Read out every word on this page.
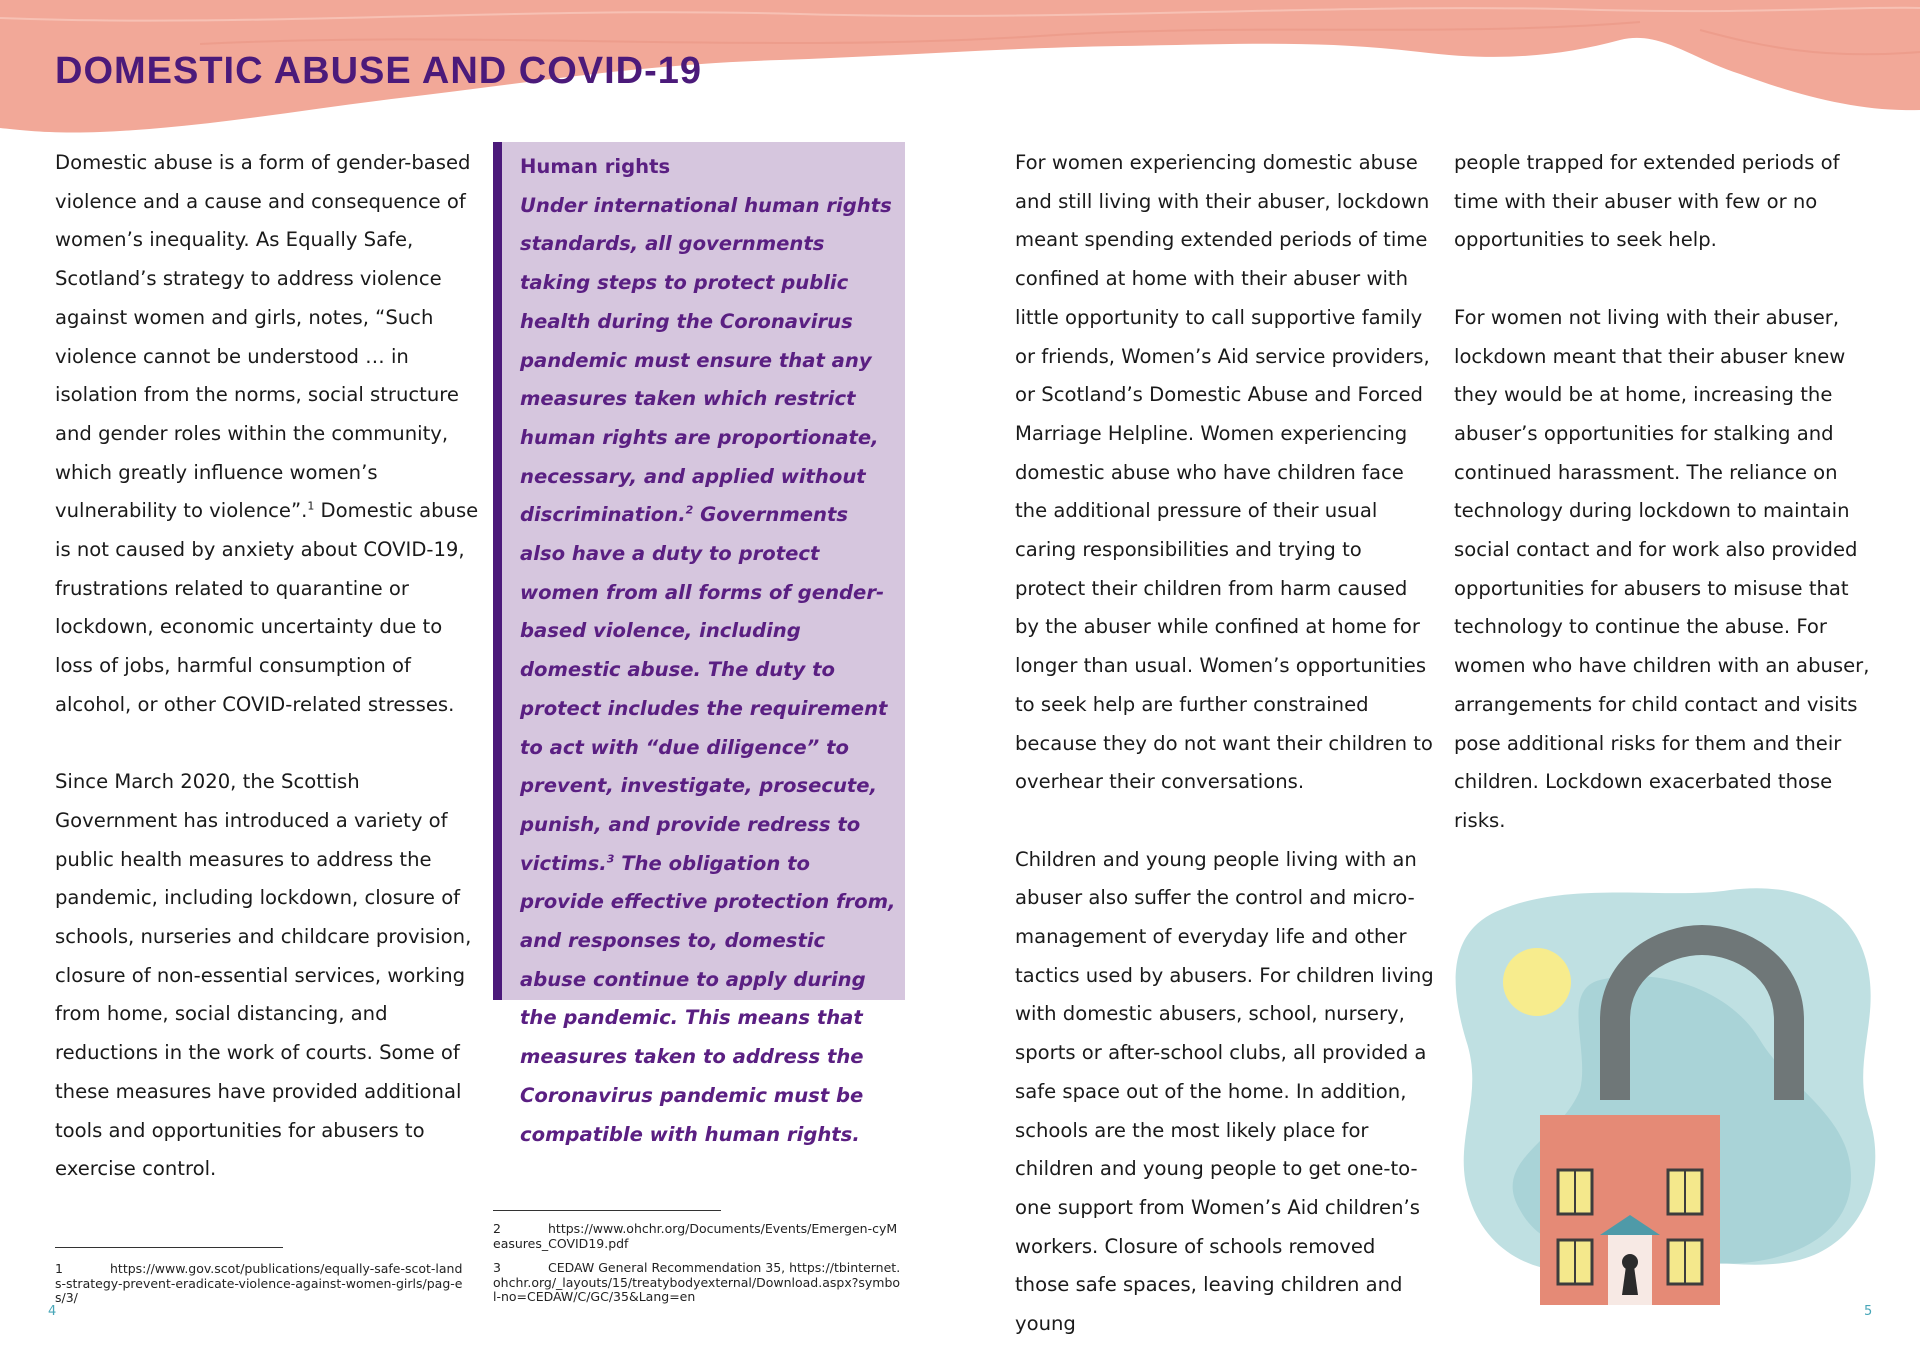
DOMESTIC ABUSE AND COVID-19

Domestic abuse is a form of gender-based violence and a cause and consequence of women’s inequality. As Equally Safe, Scotland’s strategy to address violence against women and girls, notes, “Such violence cannot be understood … in isolation from the norms, social structure and gender roles within the community, which greatly influence women’s vulnerability to violence”.$^1$ Domestic abuse is not caused by anxiety about COVID-19, frustrations related to quarantine or lockdown, economic uncertainty due to loss of jobs, harmful consumption of alcohol, or other COVID-related stresses.

Since March 2020, the Scottish Government has introduced a variety of public health measures to address the pandemic, including lockdown, closure of schools, nurseries and childcare provision, closure of non-essential services, working from home, social distancing, and reductions in the work of courts. Some of these measures have provided additional tools and opportunities for abusers to exercise control.

Human rights

Under international human rights standards, all governments taking steps to protect public health during the Coronavirus pandemic must ensure that any measures taken which restrict human rights are proportionate, necessary, and applied without discrimination.$^2$ Governments also have a duty to protect women from all forms of gender-based violence, including domestic abuse. The duty to protect includes the requirement to act with “due diligence” to prevent, investigate, prosecute, punish, and provide redress to victims.$^3$ The obligation to provide effective protection from, and responses to, domestic abuse continue to apply during the pandemic. This means that measures taken to address the Coronavirus pandemic must be compatible with human rights.

For women experiencing domestic abuse and still living with their abuser, lockdown meant spending extended periods of time confined at home with their abuser with little opportunity to call supportive family or friends, Women’s Aid service providers, or Scotland’s Domestic Abuse and Forced Marriage Helpline. Women experiencing domestic abuse who have children face the additional pressure of their usual caring responsibilities and trying to protect their children from harm caused by the abuser while confined at home for longer than usual. Women’s opportunities to seek help are further constrained because they do not want their children to overhear their conversations.

Children and young people living with an abuser also suffer the control and micro-management of everyday life and other tactics used by abusers. For children living with domestic abusers, school, nursery, sports or after-school clubs, all provided a safe space out of the home. In addition, schools are the most likely place for children and young people to get one-to-one support from Women’s Aid children’s workers. Closure of schools removed those safe spaces, leaving children and young

people trapped for extended periods of time with their abuser with few or no opportunities to seek help.

For women not living with their abuser, lockdown meant that their abuser knew they would be at home, increasing the abuser’s opportunities for stalking and continued harassment. The reliance on technology during lockdown to maintain social contact and for work also provided opportunities for abusers to misuse that technology to continue the abuse. For women who have children with an abuser, arrangements for child contact and visits pose additional risks for them and their children. Lockdown exacerbated those risks.

1	https://www.gov.scot/publications/equally-safe-scot-lands-strategy-prevent-eradicate-violence-against-women-girls/pag-es/3/
2	https://www.ohchr.org/Documents/Events/Emergen-cyMeasures_COVID19.pdf
3	CEDAW General Recommendation 35, https://tbinternet.ohchr.org/_layouts/15/treatybodyexternal/Download.aspx?symbol-no=CEDAW/C/GC/35&Lang=en
4	5
